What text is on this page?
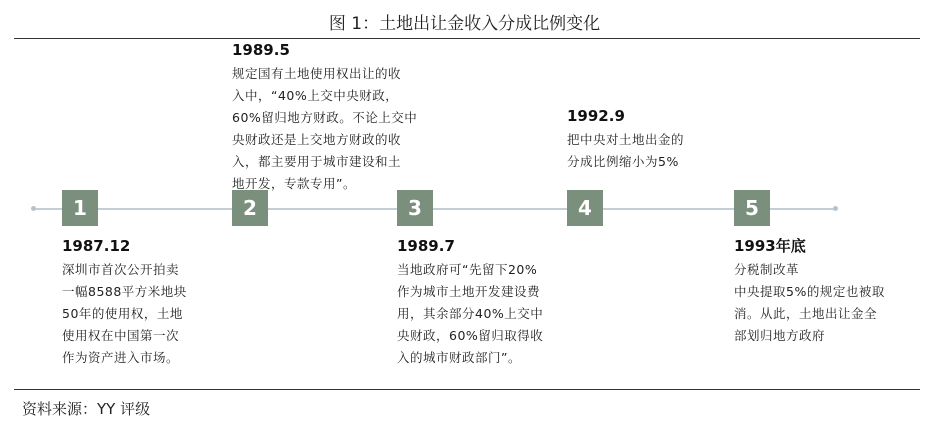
图 1：土地出让金收入分成比例变化
1	2	3	4	5
1987.12
深圳市首次公开拍卖
一幅8588平方米地块
50年的使用权，土地
使用权在中国第一次
作为资产进入市场。
1989.5
规定国有土地使用权出让的收
入中，“40%上交中央财政，
60%留归地方财政。不论上交中
央财政还是上交地方财政的收
入，都主要用于城市建设和土
地开发，专款专用”。
1989.7
当地政府可“先留下20%
作为城市土地开发建设费
用，其余部分40%上交中
央财政，60%留归取得收
入的城市财政部门”。
1992.9
把中央对土地出金的
分成比例缩小为5%
1993年底
分税制改革
中央提取5%的规定也被取
消。从此，土地出让金全
部划归地方政府
资料来源：YY 评级
